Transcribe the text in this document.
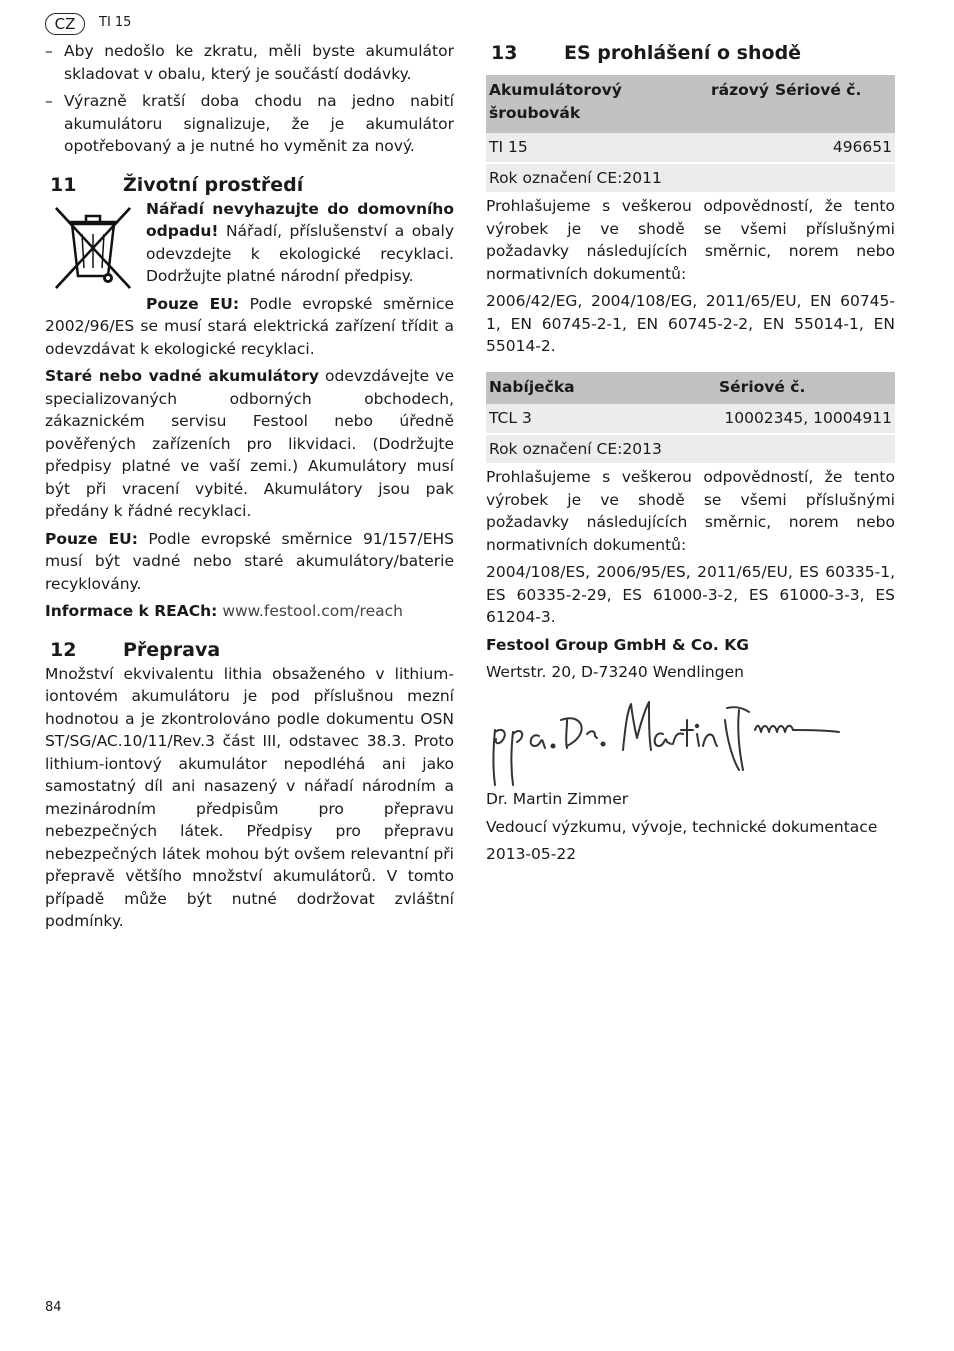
CZ	TI 15
– Aby nedošlo ke zkratu, měli byste akumulátor skladovat v obalu, který je součástí dodávky.
– Výrazně kratší doba chodu na jedno nabití akumulátoru signalizuje, že je akumulátor opotřebovaný a je nutné ho vyměnit za nový.
11	Životní prostředí
Nářadí nevyhazujte do domovního odpadu! Nářadí, příslušenství a obaly odevzdejte k ekologické recyklaci. Dodržujte platné národní předpisy.

Pouze EU: Podle evropské směrnice 2002/96/ES se musí stará elektrická zařízení třídit a odevzdávat k ekologické recyklaci.

Staré nebo vadné akumulátory odevzdávejte ve specializovaných odborných obchodech, zákaznickém servisu Festool nebo úředně pověřených zařízeních pro likvidaci. (Dodržujte předpisy platné ve vaší zemi.) Akumulátory musí být při vracení vybité. Akumulátory jsou pak předány k řádné recyklaci.

Pouze EU: Podle evropské směrnice 91/157/EHS musí být vadné nebo staré akumulátory/baterie recyklovány.

Informace k REACh: www.festool.com/reach

12	Přeprava

Množství ekvivalentu lithia obsaženého v lithium-iontovém akumulátoru je pod příslušnou mezní hodnotou a je zkontrolováno podle dokumentu OSN ST/SG/AC.10/11/Rev.3 část III, odstavec 38.3. Proto lithium-iontový akumulátor nepodléhá ani jako samostatný díl ani nasazený v nářadí národním a mezinárodním předpisům pro přepravu nebezpečných látek. Předpisy pro přepravu nebezpečných látek mohou být ovšem relevantní při přepravě většího množství akumulátorů. V tomto případě může být nutné dodržovat zvláštní podmínky.

13	ES prohlášení o shodě
Akumulátorový rázový šroubovák	Sériové č.
TI 15	496651
Rok označení CE:2011	

Prohlašujeme s veškerou odpovědností, že tento výrobek je ve shodě se všemi příslušnými požadavky následujících směrnic, norem nebo normativních dokumentů:

2006/42/EG, 2004/108/EG, 2011/65/EU, EN 60745-1, EN 60745-2-1, EN 60745-2-2, EN 55014-1, EN 55014-2.

Nabíječka	Sériové č.
TCL 3	10002345, 10004911
Rok označení CE:2013	

Prohlašujeme s veškerou odpovědností, že tento výrobek je ve shodě se všemi příslušnými požadavky následujících směrnic, norem nebo normativních dokumentů:

2004/108/ES, 2006/95/ES, 2011/65/EU, ES 60335-1, ES 60335-2-29, ES 61000-3-2, ES 61000-3-3, ES 61204-3.

Festool Group GmbH & Co. KG

Wertstr. 20, D-73240 Wendlingen

Dr. Martin Zimmer

Vedoucí výzkumu, vývoje, technické dokumentace

2013-05-22

84
